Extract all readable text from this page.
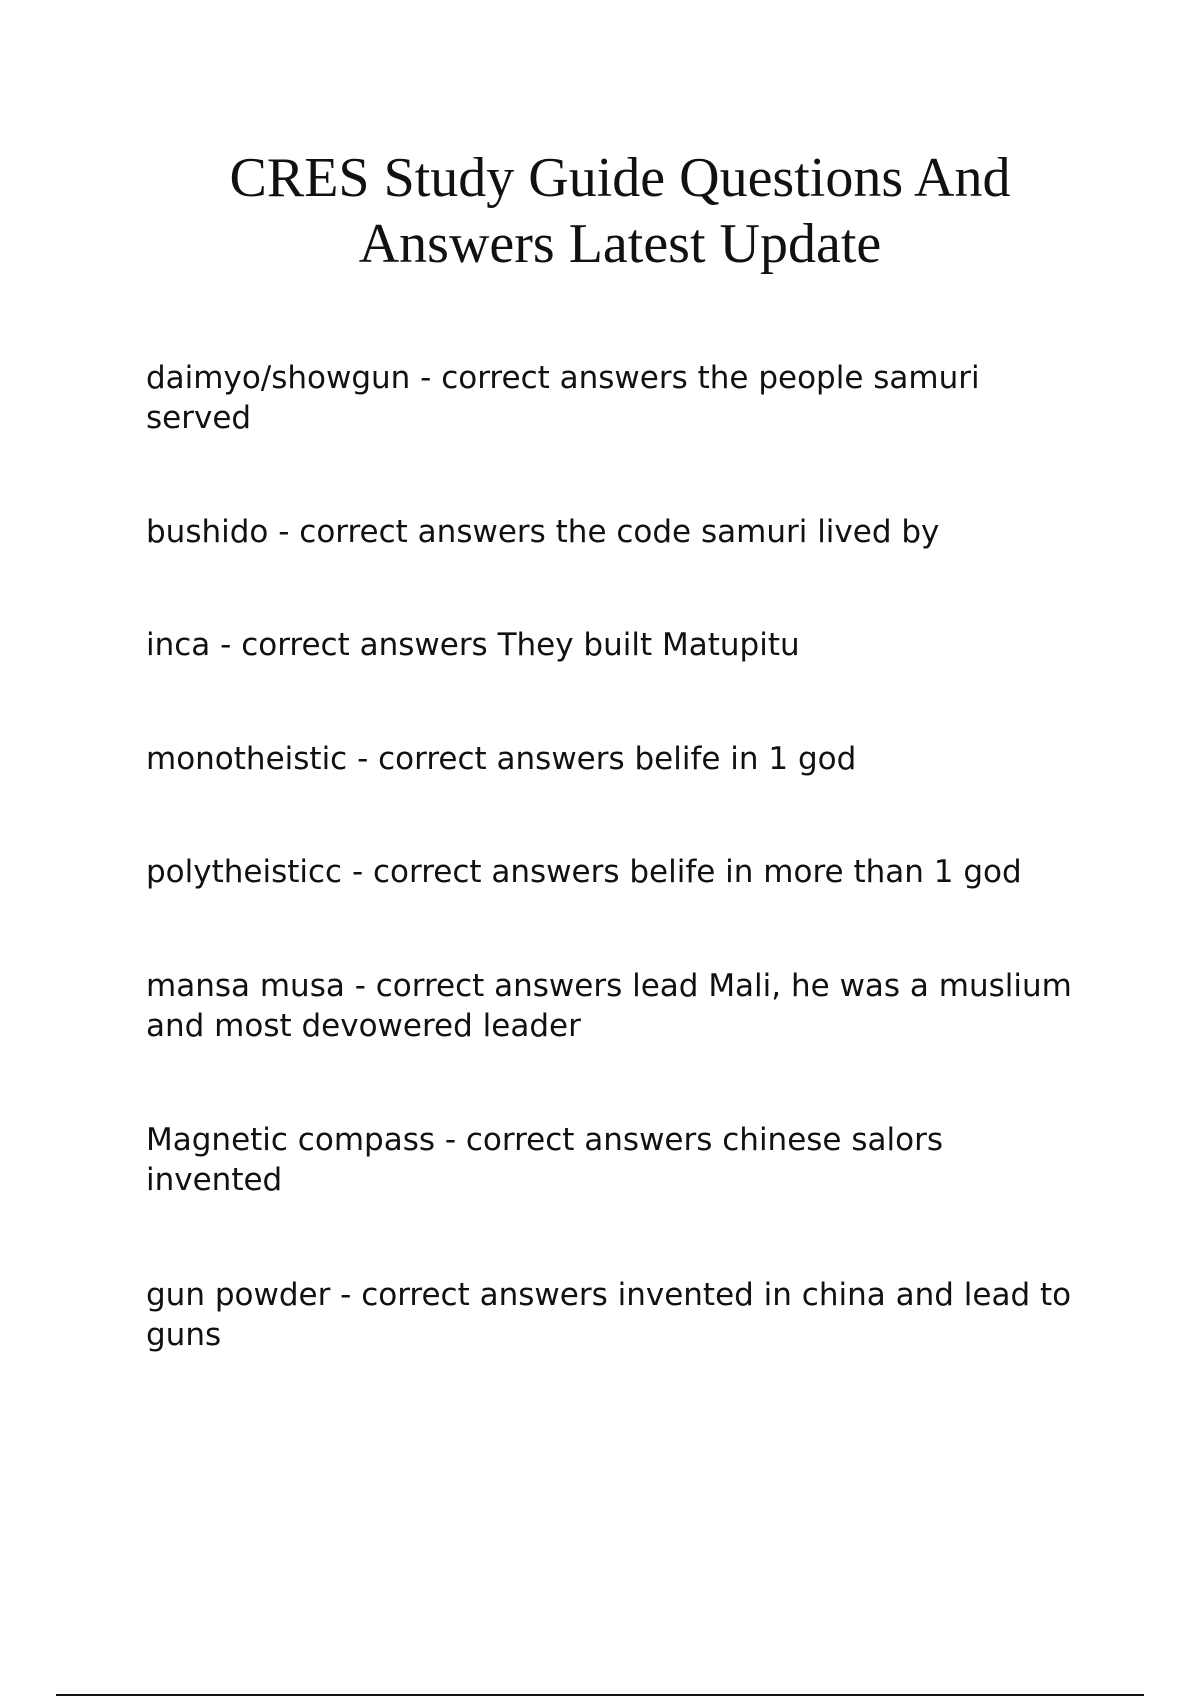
CRES Study Guide Questions And Answers Latest Update
daimyo/showgun - correct answers the people samuri served
bushido - correct answers the code samuri lived by
inca - correct answers They built Matupitu
monotheistic - correct answers belife in 1 god
polytheisticc - correct answers belife in more than 1 god
mansa musa - correct answers lead Mali, he was a muslium and most devowered leader
Magnetic compass - correct answers chinese salors invented
gun powder - correct answers invented in china and lead to guns
